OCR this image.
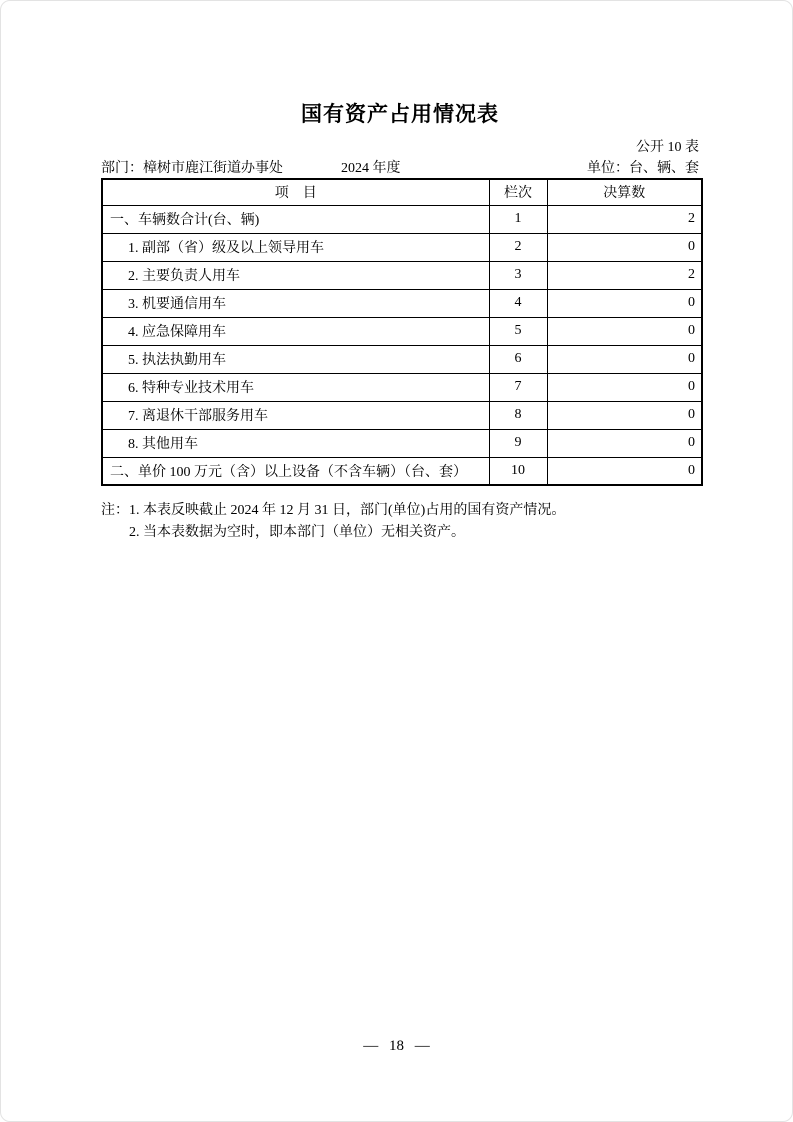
国有资产占用情况表
公开 10 表
部门：樟树市鹿江街道办事处	2024 年度	单位：台、辆、套
项　目	栏次	决算数
一、车辆数合计(台、辆)	1	2
1. 副部（省）级及以上领导用车	2	0
2. 主要负责人用车	3	2
3. 机要通信用车	4	0
4. 应急保障用车	5	0
5. 执法执勤用车	6	0
6. 特种专业技术用车	7	0
7. 离退休干部服务用车	8	0
8. 其他用车	9	0
二、单价 100 万元（含）以上设备（不含车辆）（台、套）	10	0
注：1. 本表反映截止 2024 年 12 月 31 日，部门(单位)占用的国有资产情况。
2. 当本表数据为空时，即本部门（单位）无相关资产。
— 18 —
